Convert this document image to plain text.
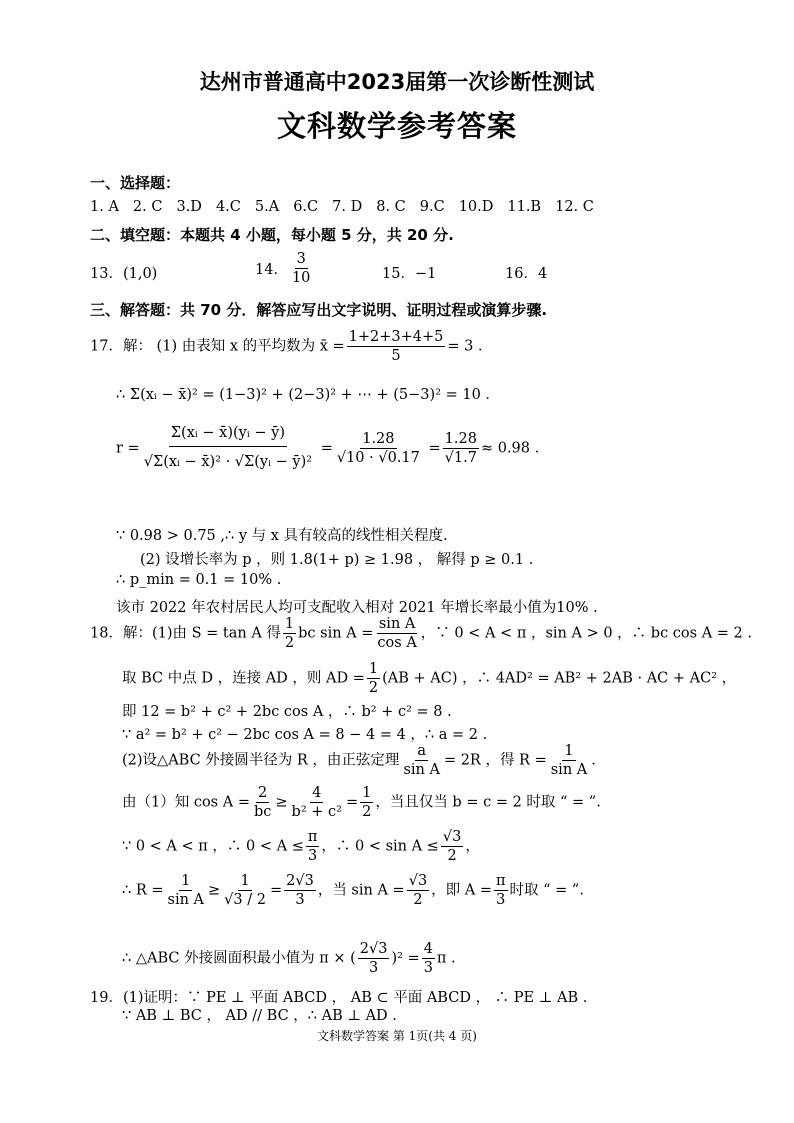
达州市普通高中2023届第一次诊断性测试
文科数学参考答案
一、选择题：
1. A 2. C 3.D 4.C 5.A 6.C 7. D 8. C 9.C 10.D 11.B 12. C
二、填空题：本题共 4 小题，每小题 5 分，共 20 分.
13．(1,0)	14． $\frac{3}{10}$	15．−1	16．4
三、解答题：共 70 分．解答应写出文字说明、证明过程或演算步骤.
17．解： (1) 由表知 x 的平均数为 x̄ = $\frac{1+2+3+4+5}{5} = 3$ ．
∴ Σ(xᵢ − x̄)² = (1−3)² + (2−3)² + ⋯ + (5−3)² = 10 ．
$r = \frac{\text{Σ(xᵢ − x̄)(yᵢ − ȳ)}}{\text{√Σ(xᵢ − x̄)² · √Σ(yᵢ − ȳ)²}} = \frac{1.28}{√10 \cdot √0.17} = \frac{1.28}{√1.7} \approx 0.98$ .
∵ 0.98 > 0.75 ,∴ y 与 x 具有较高的线性相关程度.
(2) 设增长率为 p ，则 1.8(1+ p) ≥ 1.98 ， 解得 p ≥ 0.1 .
∴ p_min = 0.1 = 10% .
该市 2022 年农村居民人均可支配收入相对 2021 年增长率最小值为10% .
18．解：(1)由 S = tan A 得 $\frac{1}{2}$ bc $\sin A = \frac{\text{sin A}}{\text{cos A}}$ ，∵ 0 < A < π ，sin A > 0 ，∴ bc cos A = 2 .
取 BC 中点 D ，连接 AD ，则 AD = $\frac{1}{2} (AB + AC)$ ，∴ 4AD² = AB² + 2AB · AC + AC² ，
即 12 = b² + c² + 2bc cos A ，∴ b² + c² = 8 .
∵ a² = b² + c² − 2bc cos A = 8 − 4 = 4 ，∴ a = 2 .
(2)设△ABC 外接圆半径为 R ，由正弦定理 $\frac{a}{\text{sin A}} = 2R$ ，得 $R = \frac{1}{\text{sin A}}$ .
由（1）知 $\cos A = \frac{2}{bc} \ge \frac{4}{\text{b² + c²}} = \frac{1}{2}$ ，当且仅当 b = c = 2 时取 “ = ”.
∵ 0 < A < π ，∴ $0 < A \le \frac{\pi}{3}$ ，∴ $0 < \sin A \le \frac{√3}{2}$ ，
∴ $R = \frac{1}{\text{sin A}} \ge \frac{1}{√3 / 2} = \frac{2√3}{3}$ ，当 $\sin A = \frac{√3}{2}$ ，即 $A = \frac{\pi}{3}$ 时取 “ = ”.
∴ △ABC 外接圆面积最小值为 π × ( $\frac{2√3}{3} )^2 = \frac{4}{3}$ π .
19．(1)证明：∵ PE ⊥ 平面 ABCD ， AB ⊂ 平面 ABCD ， ∴ PE ⊥ AB .
∵ AB ⊥ BC ， AD // BC ，∴ AB ⊥ AD .
文科数学答案 第 1页(共 4 页)
